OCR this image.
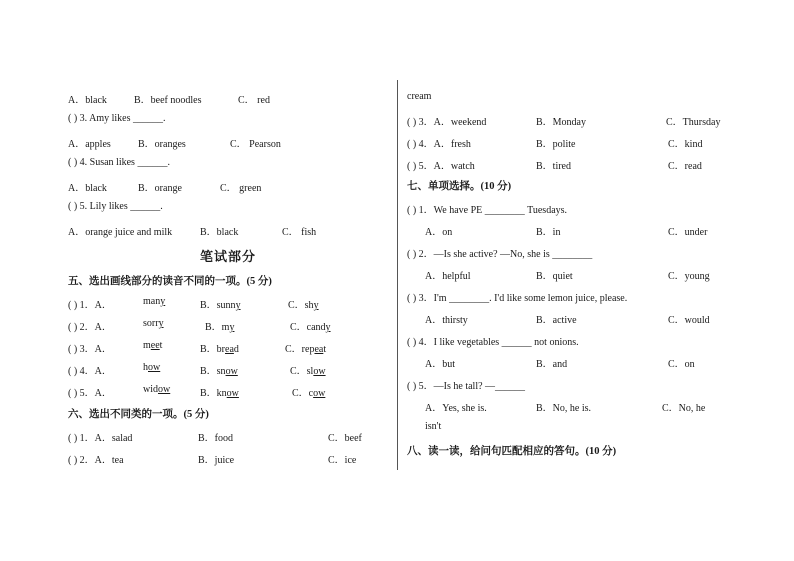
A．black	B．beef noodles	C． red
( ) 3. Amy likes ______.
A．apples	B．oranges	C． Pearson
( ) 4. Susan likes ______.
A．black	B．orange	C． green
( ) 5. Lily likes ______.
A．orange juice and milk	B．black	C． fish
笔试部分
五、选出画线部分的读音不同的一项。(5 分)
( ) 1．A．	many	B．sunny	C．shy
( ) 2．A．	sorry	B．my	C．candy
( ) 3．A．	meet	B．bread	C．repeat
( ) 4．A．	how	B．snow	C．slow
( ) 5．A．	widow	B．know	C．cow
六、选出不同类的一项。(5 分)
( ) 1．A．salad	B．food	C．beef
( ) 2．A．tea	B．juice	C．ice
cream
( ) 3．A．weekend	B．Monday	C．Thursday
( ) 4．A．fresh	B．polite	C．kind
( ) 5．A．watch	B．tired	C．read
七、单项选择。(10 分)
( ) 1．We have PE ________ Tuesdays.
A．on	B．in	C．under
( ) 2．—Is she active? —No, she is ________
A．helpful	B．quiet	C．young
( ) 3．I'm ________. I'd like some lemon juice, please.
A．thirsty	B．active	C．would
( ) 4．I like vegetables ______ not onions.
A．but	B．and	C．on
( ) 5．—Is he tall? —______
A．Yes, she is.	B．No, he is.	C．No, he
isn't
八、读一读，给问句匹配相应的答句。(10 分)
